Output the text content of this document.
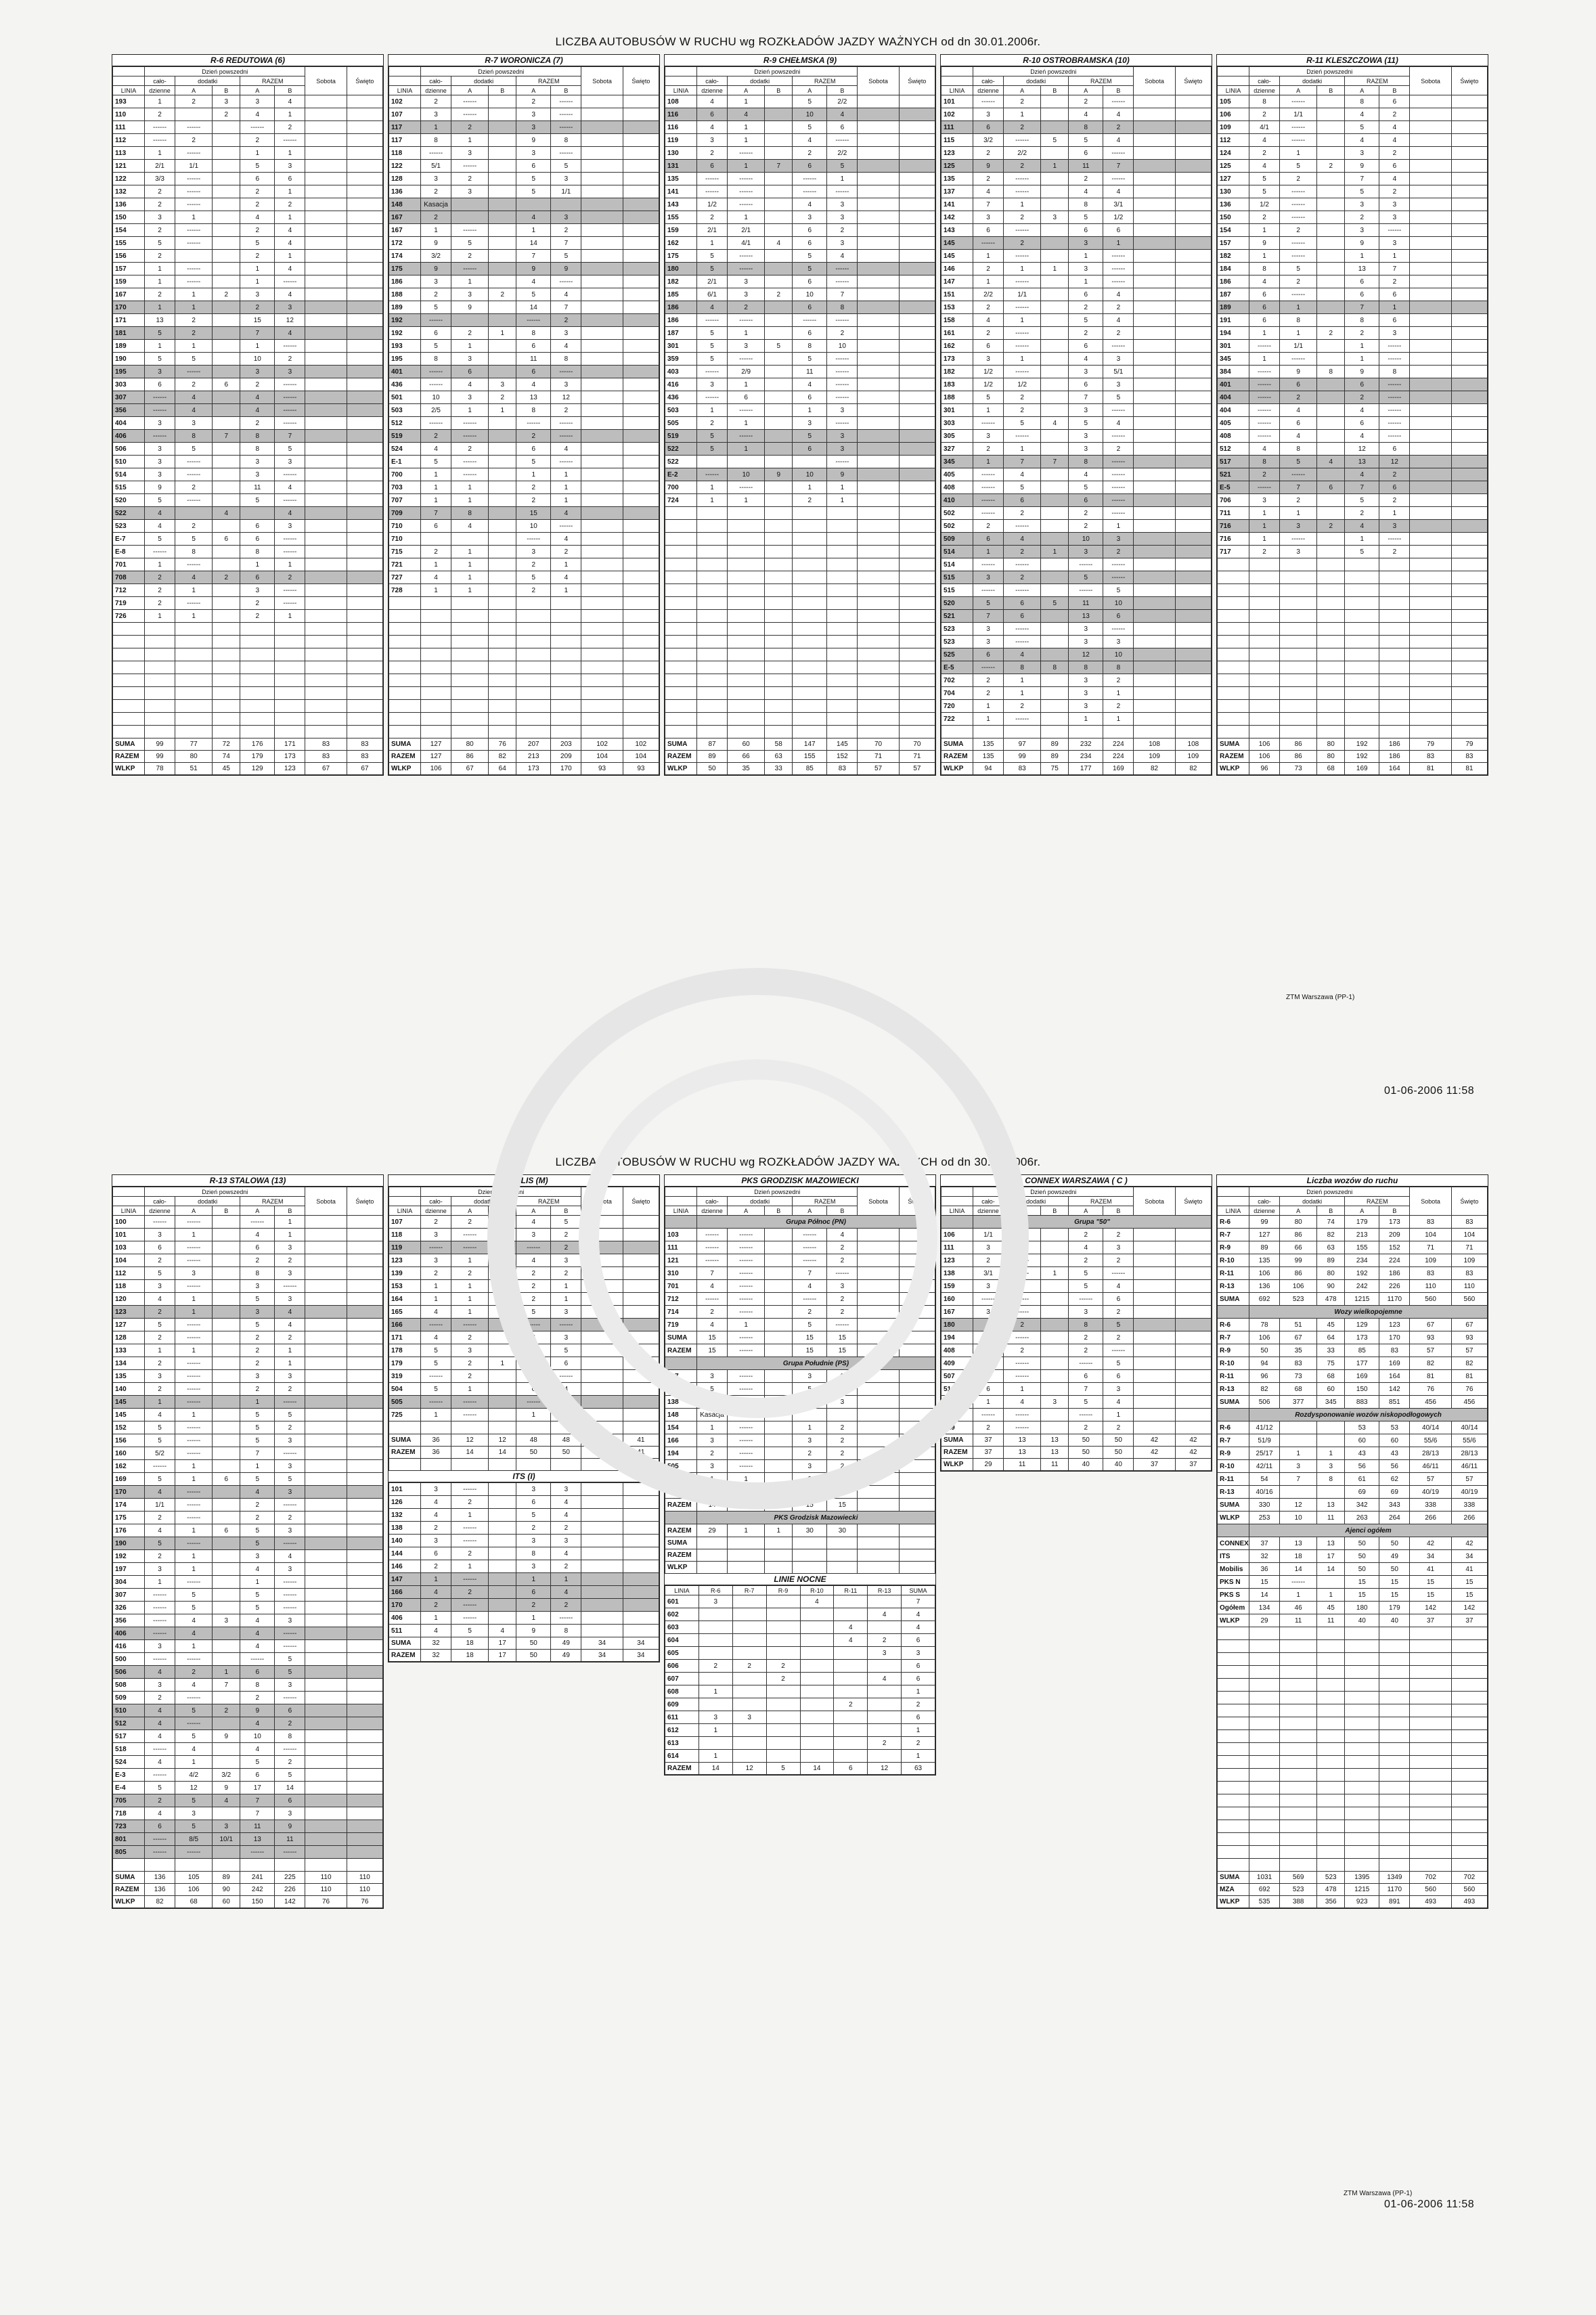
LICZBA AUTOBUSÓW W RUCHU wg ROZKŁADÓW JAZDY WAŻNYCH od dn 30.01.2006r.
R-6 REDUTOWA (6)
	Dzień powszedni					Sobota	Święto
	cało-	dodatki		RAZEM			
LINIA	dzienne	A	B	A	B		
193	1	2	3	3	4		
110	2		2	4	1		
111	------	------		------	2		
112	------	2		2	------		
113	1	------		1	1		
121	2/1	1/1		5	3		
122	3/3	------		6	6		
132	2	------		2	1		
136	2	------		2	2		
150	3	1		4	1		
154	2	------		2	4		
155	5	------		5	4		
156	2			2	1		
157	1	------		1	4		
159	1	------		1	------		
167	2	1	2	3	4		
170	1	1		2	3		
171	13	2		15	12		
181	5	2		7	4		
189	1	1		1	------		
190	5	5		10	2		
195	3	------		3	3		
303	6	2	6	2	------		
307	------	4		4	------		
356	------	4		4	------		
404	3	3		2	------		
406	------	8	7	8	7		
506	3	5		8	5		
510	3	------		3	3		
514	3	------		3	------		
515	9	2		11	4		
520	5	------		5	------		
522	4		4		4		
523	4	2		6	3		
E-7	5	5	6	6	------		
E-8	------	8		8	------		
701	1	------		1	1		
708	2	4	2	6	2		
712	2	1		3	------		
719	2	------		2	------		
726	1	1		2	1		

SUMA	99	77	72	176	171	83	83
RAZEM	99	80	74	179	173	83	83
WLKP	78	51	45	129	123	67	67
R-7 WORONICZA (7)
	Dzień powszedni					Sobota	Święto
	cało-	dodatki		RAZEM			
LINIA	dzienne	A	B	A	B		
102	2	------		2	------		
107	3	------		3	------		
117	1	2		3	------		
117	8	1		9	8		
118	------	3		3	------		
122	5/1	------		6	5		
128	3	2		5	3		
136	2	3		5	1/1		
148	Kasacja						
167	2			4	3		
167	1	------		1	2		
172	9	5		14	7		
174	3/2	2		7	5		
175	9	------		9	9		
186	3	1		4	------		
188	2	3	2	5	4		
189	5	9		14	7		
192	------			------	2		
192	6	2	1	8	3		
193	5	1		6	4		
195	8	3		11	8		
401	------	6		6	------		
436	------	4	3	4	3		
501	10	3	2	13	12		
503	2/5	1	1	8	2		
512	------	------		------	------		
519	2	------		2	------		
524	4	2		6	4		
E-1	5	------		5	------		
700	1	------		1	1		
703	1	1		2	1		
707	1	1		2	1		
709	7	8		15	4		
710	6	4		10	------		
710				------	4		
715	2	1		3	2		
721	1	1		2	1		
727	4	1		5	4		
728	1	1		2	1		

SUMA	127	80	76	207	203	102	102
RAZEM	127	86	82	213	209	104	104
WLKP	106	67	64	173	170	93	93
R-9 CHEŁMSKA (9)
	Dzień powszedni					Sobota	Święto
	cało-	dodatki		RAZEM			
LINIA	dzienne	A	B	A	B		
108	4	1		5	2/2		
116	6	4		10	4		
116	4	1		5	6		
119	3	1		4	------		
130	2	------		2	2/2		
131	6	1	7	6	5		
135	------	------		------	1		
141	------	------		------	------		
143	1/2	------		4	3		
155	2	1		3	3		
159	2/1	2/1		6	2		
162	1	4/1	4	6	3		
175	5	------		5	4		
180	5	------		5	------		
182	2/1	3		6	------		
185	6/1	3	2	10	7		
186	4	2		6	8		
186	------	------		------	------		
187	5	1		6	2		
301	5	3	5	8	10		
359	5	------		5	------		
403	------	2/9		11	------		
416	3	1		4	------		
436	------	6		6	------		
503	1	------		1	3		
505	2	1		3	------		
519	5	------		5	3		
522	5	1		6	3		
522					------		
E-2	------	10	9	10	9		
700	1	------		1	1		
724	1	1		2	1		

SUMA	87	60	58	147	145	70	70
RAZEM	89	66	63	155	152	71	71
WLKP	50	35	33	85	83	57	57
R-10 OSTROBRAMSKA (10)
	Dzień powszedni					Sobota	Święto
	cało-	dodatki		RAZEM			
LINIA	dzienne	A	B	A	B		
101	------	2		2	------		
102	3	1		4	4		
111	6	2		8	2		
115	3/2	------	5	5	4		
123	2	2/2		6	------		
125	9	2	1	11	7		
135	2	------		2	------		
137	4	------		4	4		
141	7	1		8	3/1		
142	3	2	3	5	1/2		
143	6	------		6	6		
145	------	2		3	1		
145	1	------		1	------		
146	2	1	1	3	------		
147	1	------		1	------		
151	2/2	1/1		6	4		
153	2	------		2	2		
158	4	1		5	4		
161	2	------		2	2		
162	6	------		6	------		
173	3	1		4	3		
182	1/2	------		3	5/1		
183	1/2	1/2		6	3		
188	5	2		7	5		
301	1	2		3	------		
303	------	5	4	5	4		
305	3	------		3	------		
327	2	1		3	2		
345	1	7	7	8	------		
405	------	4		4	------		
408	------	5		5	------		
410	------	6		6	------		
502	------	2		2	------		
502	2	------		2	1		
509	6	4		10	3		
514	1	2	1	3	2		
514	------	------		------	------		
515	3	2		5	------		
515	------	------		------	5		
520	5	6	5	11	10		
521	7	6		13	6		
523	3	------		3	------		
523	3	------		3	3		
525	6	4		12	10		
E-5	------	8	8	8	8		
702	2	1		3	2		
704	2	1		3	1		
720	1	2		3	2		
722	1	------		1	1		

SUMA	135	97	89	232	224	108	108
RAZEM	135	99	89	234	224	109	109
WLKP	94	83	75	177	169	82	82
R-11 KLESZCZOWA (11)
	Dzień powszedni					Sobota	Święto
	cało-	dodatki		RAZEM			
LINIA	dzienne	A	B	A	B		
105	8	------		8	6		
106	2	1/1		4	2		
109	4/1	------		5	4		
112	4	------		4	4		
124	2	1		3	2		
125	4	5	2	9	6		
127	5	2		7	4		
130	5	------		5	2		
136	1/2	------		3	3		
150	2	------		2	3		
154	1	2		3	------		
157	9	------		9	3		
182	1	------		1	1		
184	8	5		13	7		
186	4	2		6	2		
187	6	------		6	6		
189	6	1		7	1		
191	6	8		8	6		
194	1	1	2	2	3		
301	------	1/1		1	------		
345	1	------		1	------		
384	------	9	8	9	8		
401	------	6		6	------		
404	------	2		2	------		
404	------	4		4	------		
405	------	6		6	------		
408	------	4		4	------		
512	4	8		12	6		
517	8	5	4	13	12		
521	2	------		4	2		
E-5	------	7	6	7	6		
706	3	2		5	2		
711	1	1		2	1		
716	1	3	2	4	3		
716	1	------		1	------		
717	2	3		5	2		

SUMA	106	86	80	192	186	79	79
RAZEM	106	86	80	192	186	83	83
WLKP	96	73	68	169	164	81	81
ZTM Warszawa (PP-1)
01-06-2006 11:58
LICZBA AUTOBUSÓW W RUCHU wg ROZKŁADÓW JAZDY WAŻNYCH od dn 30.01.2006r.
R-13 STALOWA (13)
	Dzień powszedni					Sobota	Święto
	cało-	dodatki		RAZEM			
LINIA	dzienne	A	B	A	B		
100	------	------		------	1		
101	3	1		4	1		
103	6	------		6	3		
104	2	------		2	2		
112	5	3		8	3		
118	3	------		3	------		
120	4	1		5	3		
123	2	1		3	4		
127	5	------		5	4		
128	2	------		2	2		
133	1	1		2	1		
134	2	------		2	1		
135	3	------		3	3		
140	2	------		2	2		
145	1	------		1	------		
145	4	1		5	5		
152	5	------		5	2		
156	5	------		5	3		
160	5/2	------		7	------		
162	------	1		1	3		
169	5	1	6	5	5		
170	4	------		4	3		
174	1/1	------		2	------		
175	2	------		2	2		
176	4	1	6	5	3		
190	5	------		5	------		
192	2	1		3	4		
197	3	1		4	3		
304	1	------		1	------		
307	------	5		5	------		
326	------	5		5	------		
356	------	4	3	4	3		
406	------	4		4	------		
416	3	1		4	------		
500	------	------		------	5		
506	4	2	1	6	5		
508	3	4	7	8	3		
509	2	------		2	------		
510	4	5	2	9	6		
512	4	------		4	2		
517	4	5	9	10	8		
518	------	4		4	------		
524	4	1		5	2		
E-3	------	4/2	3/2	6	5		
E-4	5	12	9	17	14		
705	2	5	4	7	6		
718	4	3		7	3		
723	6	5	3	11	9		
801	------	8/5	10/1	13	11		
805	------	------		------	------		

SUMA	136	105	89	241	225	110	110
RAZEM	136	106	90	242	226	110	110
WLKP	82	68	60	150	142	76	76
MOBILIS (M)
	Dzień powszedni					Sobota	Święto
	cało-	dodatki		RAZEM			
LINIA	dzienne	A	B	A	B		
107	2	2	3	4	5		
118	3	------		3	2		
119	------	------		------	2		
123	3	1		4	3		
139	2	2		2	2		
153	1	1		2	1		
164	1	1		2	1		
165	4	1		5	3		
166	------	------		------	------		
171	4	2		6	3		
178	5	3		6	5		
179	5	2	1	7	6		
319	------	2		2	------		
504	5	1		6	4		
505	------	------		------	------		
725	1	------		1	------		

SUMA	36	12	12	48	48	41	41
RAZEM	36	14	14	50	50	41	41

ITS (I)
101	3	------		3	3		
126	4	2		6	4		
132	4	1		5	4		
138	2	------		2	2		
140	3	------		3	3		
144	6	2		8	4		
146	2	1		3	2		
147	1	------		1	1		
166	4	2		6	4		
170	2	------		2	2		
406	1	------		1	------		
511	4	5	4	9	8		
SUMA	32	18	17	50	49	34	34
RAZEM	32	18	17	50	49	34	34
PKS GRODZISK MAZOWIECKI
	Dzień powszedni					Sobota	Święto
	cało-	dodatki		RAZEM			
LINIA	dzienne	A	B	A	B		
	Grupa Północ (PN)						
103	------	------		------	4		
111	------	------		------	2		
121	------	------		------	2		
310	7	------		7	------		
701	4	------		4	3		
712	------	------		------	2		
714	2	------		2	2		
719	4	1		5	------		
SUMA	15	------		15	15		
RAZEM	15	------		15	15		
	Grupa Południe (PS)						
107	3	------		3	2		
115	5	------		5	3		
138	1	------		1	3		
148	Kasacja						
154	1	------		1	2		
166	3	------		3	2		
194	2	------		2	2		
505	3	------		3	2		
713	1	1		2	1		
SUMA	14	1	1	15	15		
RAZEM	14	1	1	15	15		
	PKS Grodzisk Mazowiecki						
RAZEM	29	1	1	30	30		
SUMA							
RAZEM							
WLKP							
LINIE NOCNE
LINIA	R-6	R-7	R-9	R-10	R-11	R-13	SUMA
601	3			4			7
602						4	4
603					4		4
604					4	2	6
605						3	3
606	2	2	2				6
607			2			4	6
608	1						1
609					2		2
611	3	3					6
612	1						1
613						2	2
614	1						1
RAZEM	14	12	5	14	6	12	63
CONNEX WARSZAWA ( C )
	Dzień powszedni					Sobota	Święto
	cało-	dodatki		RAZEM			
LINIA	dzienne	A	B	A	B		
	Grupa "50"						
106	1/1	------		2	2		
111	3	1		4	3		
123	2	------		2	2		
138	3/1	------	1	5	------		
159	3	2		5	4		
160	------	------		------	6		
167	3	------		3	2		
180	6	2		8	5		
194	2	------		2	2		
408	------	2		2	------		
409	------	------		------	5		
507	6	------		6	6		
518	6	1		7	3		
713	1	4	3	5	4		
716	------	------		------	1		
719	2	------		2	2		
SUMA	37	13	13	50	50	42	42
RAZEM	37	13	13	50	50	42	42
WLKP	29	11	11	40	40	37	37
Liczba wozów do ruchu
	Dzień powszedni					Sobota	Święto
	cało-	dodatki		RAZEM			
LINIA	dzienne	A	B	A	B		
R-6	99	80	74	179	173	83	83
R-7	127	86	82	213	209	104	104
R-9	89	66	63	155	152	71	71
R-10	135	99	89	234	224	109	109
R-11	106	86	80	192	186	83	83
R-13	136	106	90	242	226	110	110
SUMA	692	523	478	1215	1170	560	560
	Wozy wielkopojemne						
R-6	78	51	45	129	123	67	67
R-7	106	67	64	173	170	93	93
R-9	50	35	33	85	83	57	57
R-10	94	83	75	177	169	82	82
R-11	96	73	68	169	164	81	81
R-13	82	68	60	150	142	76	76
SUMA	506	377	345	883	851	456	456
	Rozdysponowanie wozów niskopodłogowych						
R-6	41/12			53	53	40/14	40/14
R-7	51/9			60	60	55/6	55/6
R-9	25/17	1	1	43	43	28/13	28/13
R-10	42/11	3	3	56	56	46/11	46/11
R-11	54	7	8	61	62	57	57
R-13	40/16			69	69	40/19	40/19
SUMA	330	12	13	342	343	338	338
WLKP	253	10	11	263	264	266	266
	Ajenci ogółem						
CONNEX	37	13	13	50	50	42	42
ITS	32	18	17	50	49	34	34
Mobilis	36	14	14	50	50	41	41
PKS N	15	------		15	15	15	15
PKS S	14	1	1	15	15	15	15
Ogółem	134	46	45	180	179	142	142
WLKP	29	11	11	40	40	37	37

SUMA	1031	569	523	1395	1349	702	702
MZA	692	523	478	1215	1170	560	560
WLKP	535	388	356	923	891	493	493
ZTM Warszawa (PP-1)
01-06-2006 11:58
